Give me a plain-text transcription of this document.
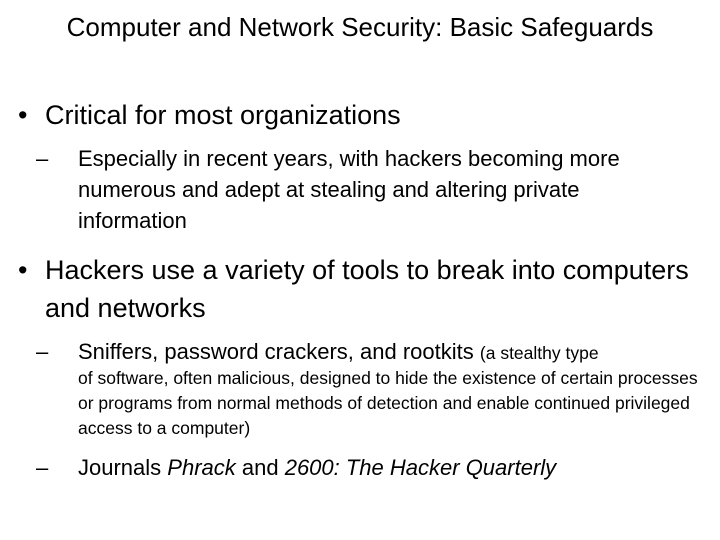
Computer and Network Security: Basic Safeguards
• Critical for most organizations
– Especially in recent years, with hackers becoming more numerous and adept at stealing and altering private information
• Hackers use a variety of tools to break into computers and networks
– Sniffers, password crackers, and rootkits (a stealthy type
of software, often malicious, designed to hide the existence of certain processes or programs from normal methods of detection and enable continued privileged access to a computer)
– Journals Phrack and 2600: The Hacker Quarterly
